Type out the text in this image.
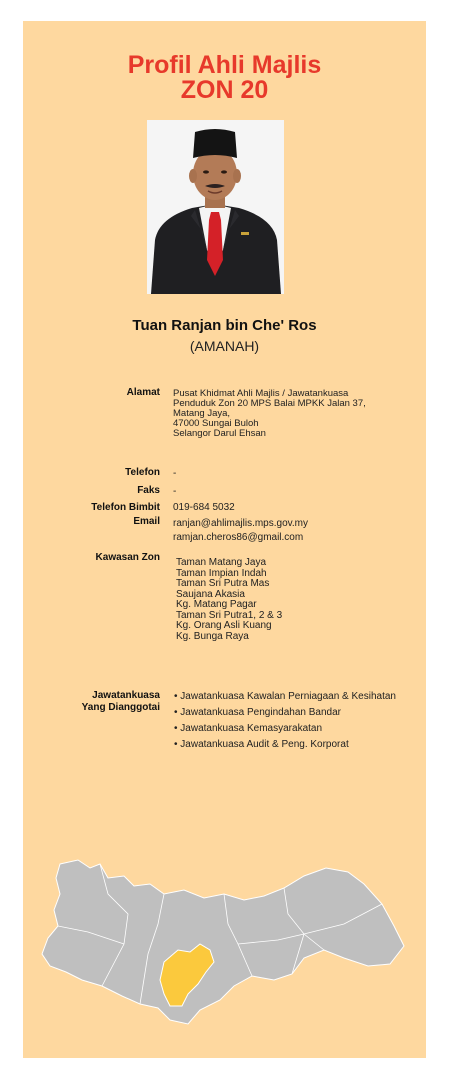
Profil Ahli Majlis
ZON 20
Tuan Ranjan bin Che' Ros
(AMANAH)
Alamat Pusat Khidmat Ahli Majlis / Jawatankuasa
Penduduk Zon 20 MPS Balai MPKK Jalan 37,
Matang Jaya,
47000 Sungai Buloh
Selangor Darul Ehsan
Telefon -
Faks -
Telefon Bimbit 019-684 5032
Email ranjan@ahlimajlis.mps.gov.my
ramjan.cheros86@gmail.com
Kawasan Zon Taman Matang Jaya
Taman Impian Indah
Taman Sri Putra Mas
Saujana Akasia
Kg. Matang Pagar
Taman Sri Putra1, 2 & 3
Kg. Orang Asli Kuang
Kg. Bunga Raya
Jawatankuasa
Yang Dianggotai
• Jawatankuasa Kawalan Perniagaan & Kesihatan
• Jawatankuasa Pengindahan Bandar
• Jawatankuasa Kemasyarakatan
• Jawatankuasa Audit & Peng. Korporat
